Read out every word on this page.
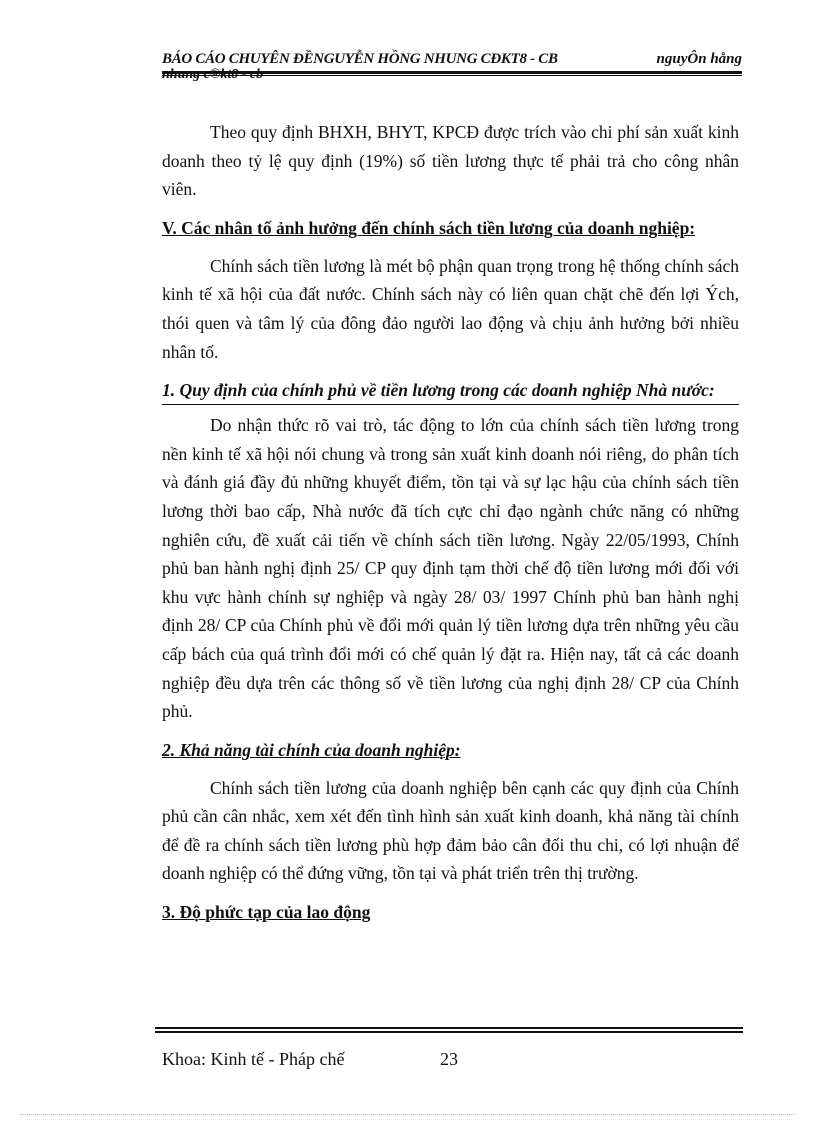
BÁO CÁO CHUYÊN ĐỀNGUYỄN HỒNG NHUNG CĐKT8 - CB	nguyÔn hång
nhung c®kt8 - cb

Theo quy định BHXH, BHYT, KPCĐ được trích vào chi phí sản xuất kinh doanh theo tỷ lệ quy định (19%) số tiền lương thực tế phải trả cho công nhân viên.

V. Các nhân tố ảnh hưởng đến chính sách tiền lương của doanh nghiệp:

Chính sách tiền lương là mét bộ phận quan trọng trong hệ thống chính sách kinh tế xã hội của đất nước. Chính sách này có liên quan chặt chẽ đến lợi Ých, thói quen và tâm lý của đông đảo người lao động và chịu ảnh hưởng bởi nhiều nhân tố.

1. Quy định của chính phủ về tiền lương trong các doanh nghiệp Nhà nước:

Do nhận thức rõ vai trò, tác động to lớn của chính sách tiền lương trong nền kinh tế xã hội nói chung và trong sản xuất kinh doanh nói riêng, do phân tích và đánh giá đầy đủ những khuyết điểm, tồn tại và sự lạc hậu của chính sách tiền lương thời bao cấp, Nhà nước đã tích cực chỉ đạo ngành chức năng có những nghiên cứu, đề xuất cải tiến về chính sách tiền lương. Ngày 22/05/1993, Chính phủ ban hành nghị định 25/ CP quy định tạm thời chế độ tiền lương mới đối với khu vực hành chính sự nghiệp và ngày 28/ 03/ 1997 Chính phủ ban hành nghị định 28/ CP của Chính phủ về đổi mới quản lý tiền lương dựa trên những yêu cầu cấp bách của quá trình đổi mới có chế quản lý đặt ra. Hiện nay, tất cả các doanh nghiệp đều dựa trên các thông số về tiền lương của nghị định 28/ CP của Chính phủ.

2. Khả năng tài chính của doanh nghiệp:

Chính sách tiền lương của doanh nghiệp bên cạnh các quy định của Chính phủ cần cân nhắc, xem xét đến tình hình sản xuất kinh doanh, khả năng tài chính để đề ra chính sách tiền lương phù hợp đảm bảo cân đối thu chi, có lợi nhuận để doanh nghiệp có thể đứng vững, tồn tại và phát triển trên thị trường.

3. Độ phức tạp của lao động
Khoa: Kinh tế - Pháp chế	23
